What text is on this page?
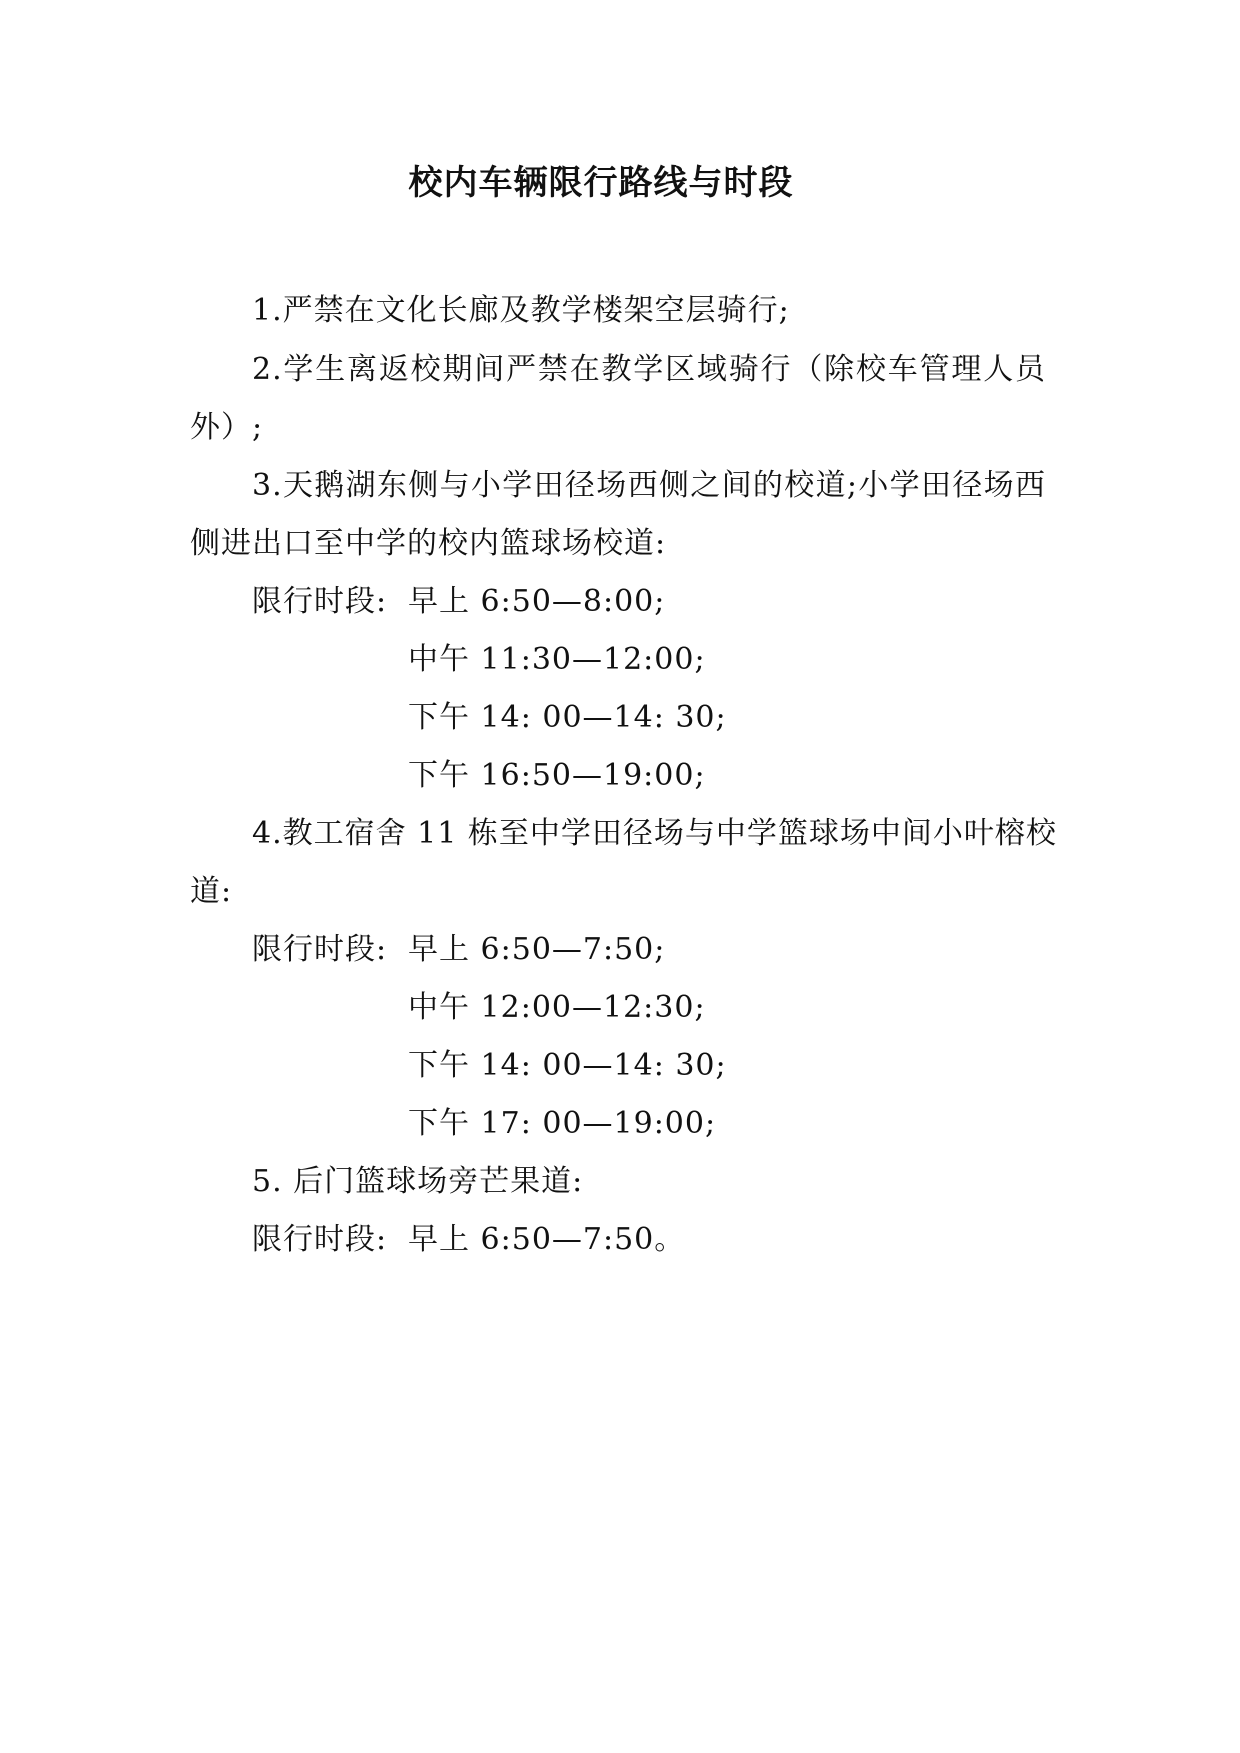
校内车辆限行路线与时段
1.严禁在文化长廊及教学楼架空层骑行;
2.学生离返校期间严禁在教学区域骑行（除校车管理人员
外）;
3.天鹅湖东侧与小学田径场西侧之间的校道;小学田径场西
侧进出口至中学的校内篮球场校道:
限行时段: 早上 6:50—8:00;
中午 11:30—12:00;
下午 14: 00—14: 30;
下午 16:50—19:00;
4.教工宿舍 11 栋至中学田径场与中学篮球场中间小叶榕校
道:
限行时段: 早上 6:50—7:50;
中午 12:00—12:30;
下午 14: 00—14: 30;
下午 17: 00—19:00;
5. 后门篮球场旁芒果道:
限行时段: 早上 6:50—7:50。
